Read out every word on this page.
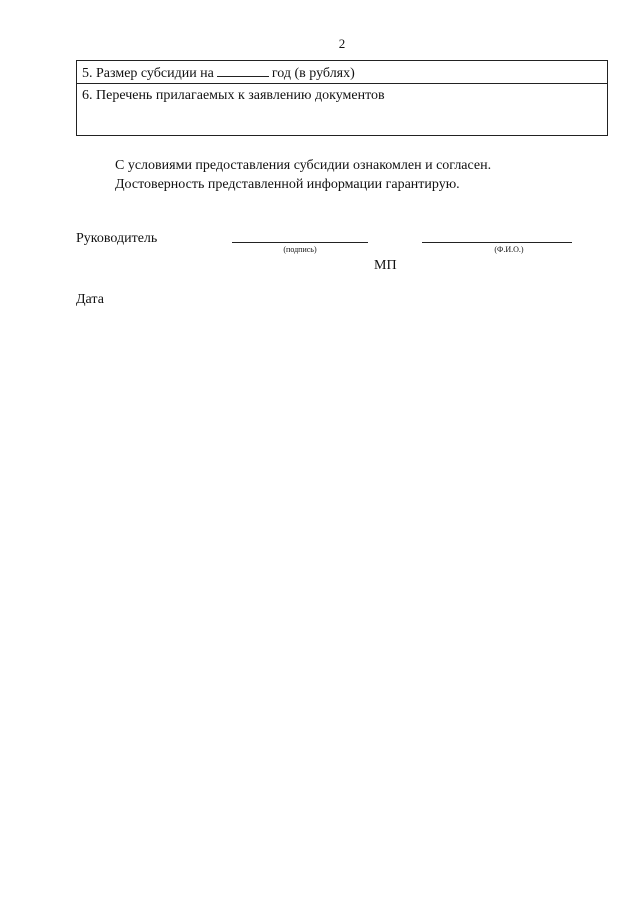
2
5. Размер субсидии на	год (в рублях)
6. Перечень прилагаемых к заявлению документов
С условиями предоставления субсидии ознакомлен и согласен.
Достоверность представленной информации гарантирую.
Руководитель
(подпись)	(Ф.И.О.)
МП
Дата
